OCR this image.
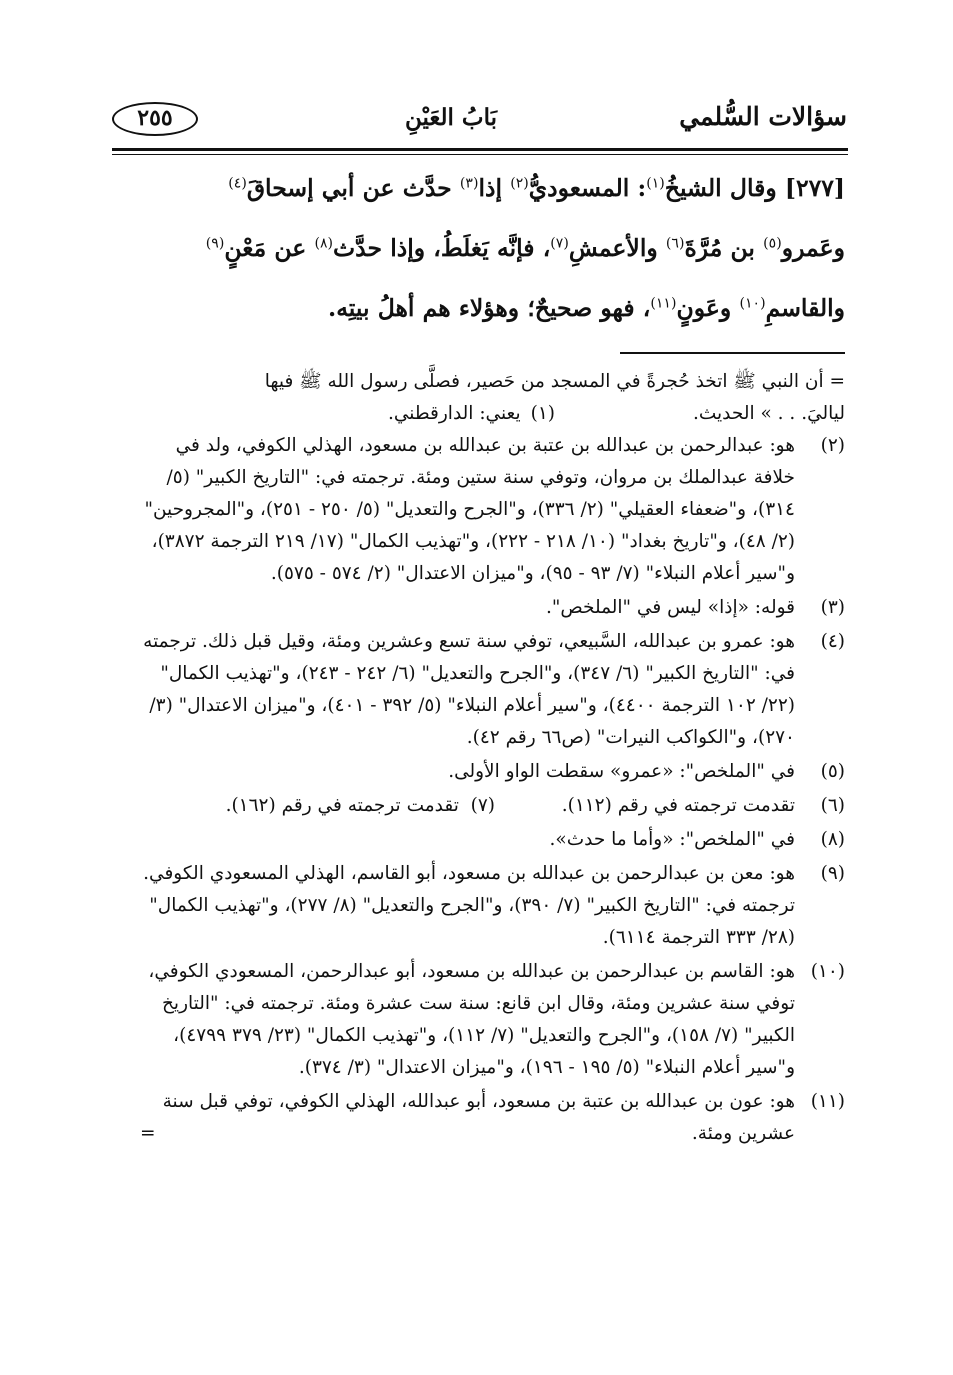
سؤالات السُّلمي
بَابُ العَيْنِ
٢٥٥
[٢٧٧] وقال الشيخُ$^{(١)}$: المسعوديُّ$^{(٢)}$ إذا$^{(٣)}$ حدَّث عن أبي إسحاقَ$^{(٤)}$
وعَمرو$^{(٥)}$ بن مُرَّةَ$^{(٦)}$ والأعمشِ$^{(٧)}$، فإنَّه يَغلَطُ، وإذا حدَّث$^{(٨)}$ عن مَعْنٍ$^{(٩)}$
والقاسمِ$^{(١٠)}$ وعَونٍ$^{(١١)}$، فهو صحيحٌ؛ وهؤلاء هم أهلُ بيتِه.
= أن النبي ﷺ اتخذ حُجرةً في المسجد من حَصير، فصلَّى رسول الله ﷺ فيها
لياليَ. . . » الحديث.
(١)
يعني: الدارقطني.
(٢)
هو: عبدالرحمن بن عبدالله بن عتبة بن عبدالله بن مسعود، الهذلي الكوفي، ولد في خلافة عبدالملك بن مروان، وتوفي سنة ستين ومئة. ترجمته في: "التاريخ الكبير" (٥/ ٣١٤)، و"ضعفاء العقيلي" (٢/ ٣٣٦)، و"الجرح والتعديل" (٥/ ٢٥٠ - ٢٥١)، و"المجروحين" (٢/ ٤٨)، و"تاريخ بغداد" (١٠/ ٢١٨ - ٢٢٢)، و"تهذيب الكمال" (١٧/ ٢١٩ الترجمة ٣٨٧٢)، و"سير أعلام النبلاء" (٧/ ٩٣ - ٩٥)، و"ميزان الاعتدال" (٢/ ٥٧٤ - ٥٧٥).
(٣)
قوله: «إذا» ليس في "الملخص".
(٤)
هو: عمرو بن عبدالله، السَّبيعي، توفي سنة تسع وعشرين ومئة، وقيل قبل ذلك. ترجمته في: "التاريخ الكبير" (٦/ ٣٤٧)، و"الجرح والتعديل" (٦/ ٢٤٢ - ٢٤٣)، و"تهذيب الكمال" (٢٢/ ١٠٢ الترجمة ٤٤٠٠)، و"سير أعلام النبلاء" (٥/ ٣٩٢ - ٤٠١)، و"ميزان الاعتدال" (٣/ ٢٧٠)، و"الكواكب النيرات" (ص٦٦ رقم ٤٢).
(٥)
في "الملخص": «عمرو» سقطت الواو الأولى.
(٦)
تقدمت ترجمته في رقم (١١٢).(٧)  تقدمت ترجمته في رقم (١٦٢).
(٨)
في "الملخص": «وأما ما حدث».
(٩)
هو: معن بن عبدالرحمن بن عبدالله بن مسعود، أبو القاسم، الهذلي المسعودي الكوفي. ترجمته في: "التاريخ الكبير" (٧/ ٣٩٠)، و"الجرح والتعديل" (٨/ ٢٧٧)، و"تهذيب الكمال" (٢٨/ ٣٣٣ الترجمة ٦١١٤).
(١٠)
هو: القاسم بن عبدالرحمن بن عبدالله بن مسعود، أبو عبدالرحمن، المسعودي الكوفي، توفي سنة عشرين ومئة، وقال ابن قانع: سنة ست عشرة ومئة. ترجمته في: "التاريخ الكبير" (٧/ ١٥٨)، و"الجرح والتعديل" (٧/ ١١٢)، و"تهذيب الكمال" (٢٣/ ٣٧٩ ٤٧٩٩)، و"سير أعلام النبلاء" (٥/ ١٩٥ - ١٩٦)، و"ميزان الاعتدال" (٣/ ٣٧٤).
(١١)
هو: عون بن عبدالله بن عتبة بن مسعود، أبو عبدالله، الهذلي الكوفي، توفي قبل سنة عشرين ومئة.
=
